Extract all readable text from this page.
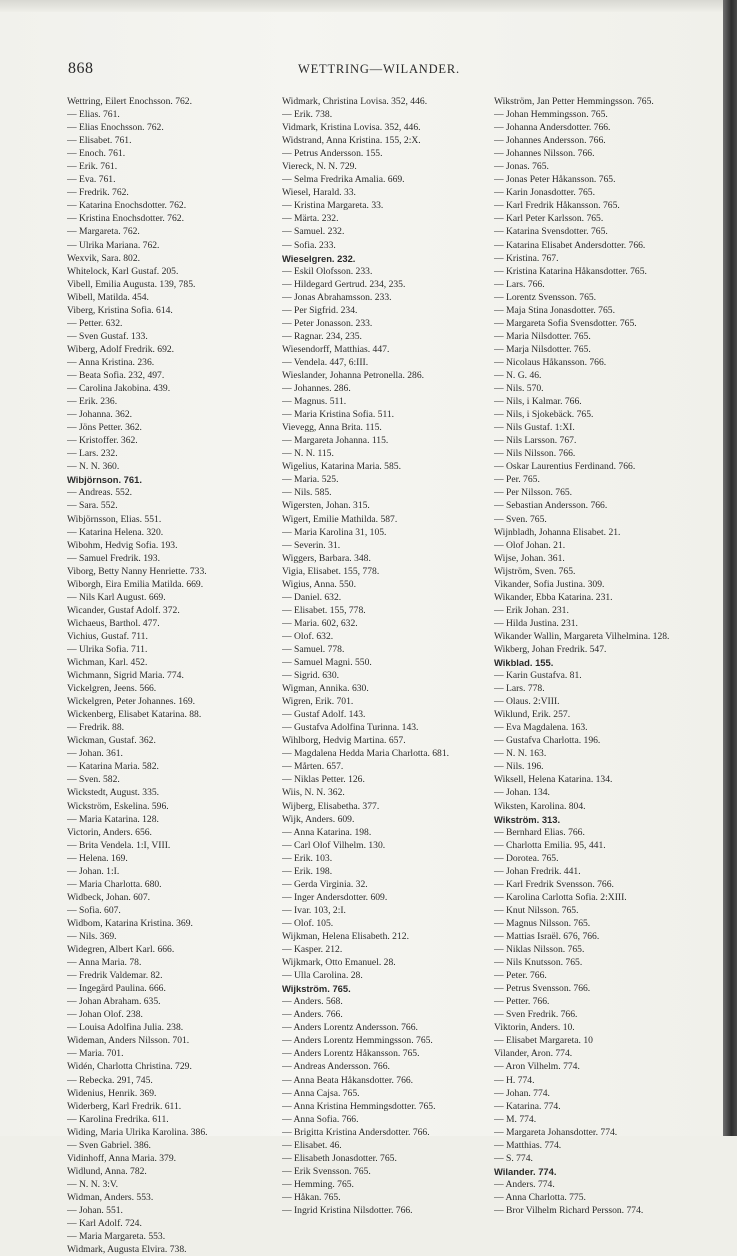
868	WETTRING—WILANDER.
Wettring, Eilert Enochsson. 762.
— Elias. 761.
— Elias Enochsson. 762.
— Elisabet. 761.
— Enoch. 761.
— Erik. 761.
— Eva. 761.
— Fredrik. 762.
— Katarina Enochsdotter. 762.
— Kristina Enochsdotter. 762.
— Margareta. 762.
— Ulrika Mariana. 762.
Wexvik, Sara. 802.
Whitelock, Karl Gustaf. 205.
Vibell, Emilia Augusta. 139, 785.
Wibell, Matilda. 454.
Viberg, Kristina Sofia. 614.
— Petter. 632.
— Sven Gustaf. 133.
Wiberg, Adolf Fredrik. 692.
— Anna Kristina. 236.
— Beata Sofia. 232, 497.
— Carolina Jakobina. 439.
— Erik. 236.
— Johanna. 362.
— Jöns Petter. 362.
— Kristoffer. 362.
— Lars. 232.
— N. N. 360.
Wibjörnson. 761.
— Andreas. 552.
— Sara. 552.
Wibjörnsson, Elias. 551.
— Katarina Helena. 320.
Wibohm, Hedvig Sofia. 193.
— Samuel Fredrik. 193.
Viborg, Betty Nanny Henriette. 733.
Wiborgh, Eira Emilia Matilda. 669.
— Nils Karl August. 669.
Wicander, Gustaf Adolf. 372.
Wichaeus, Barthol. 477.
Vichius, Gustaf. 711.
— Ulrika Sofia. 711.
Wichman, Karl. 452.
Wichmann, Sigrid Maria. 774.
Vickelgren, Jeens. 566.
Wickelgren, Peter Johannes. 169.
Wickenberg, Elisabet Katarina. 88.
— Fredrik. 88.
Wickman, Gustaf. 362.
— Johan. 361.
— Katarina Maria. 582.
— Sven. 582.
Wickstedt, August. 335.
Wickström, Eskelina. 596.
— Maria Katarina. 128.
Victorin, Anders. 656.
— Brita Vendela. 1:I, VIII.
— Helena. 169.
— Johan. 1:I.
— Maria Charlotta. 680.
Widbeck, Johan. 607.
— Sofia. 607.
Widbom, Katarina Kristina. 369.
— Nils. 369.
Widegren, Albert Karl. 666.
— Anna Maria. 78.
— Fredrik Valdemar. 82.
— Ingegärd Paulina. 666.
— Johan Abraham. 635.
— Johan Olof. 238.
— Louisa Adolfina Julia. 238.
Wideman, Anders Nilsson. 701.
— Maria. 701.
Widén, Charlotta Christina. 729.
— Rebecka. 291, 745.
Widenius, Henrik. 369.
Widerberg, Karl Fredrik. 611.
— Karolina Fredrika. 611.
Widing, Maria Ulrika Karolina. 386.
— Sven Gabriel. 386.
Vidinhoff, Anna Maria. 379.
Widlund, Anna. 782.
— N. N. 3:V.
Widman, Anders. 553.
— Johan. 551.
— Karl Adolf. 724.
— Maria Margareta. 553.
Widmark, Augusta Elvira. 738.
Widmark, Christina Lovisa. 352, 446.
— Erik. 738.
Vidmark, Kristina Lovisa. 352, 446.
Widstrand, Anna Kristina. 155, 2:X.
— Petrus Andersson. 155.
Viereck, N. N. 729.
— Selma Fredrika Amalia. 669.
Wiesel, Harald. 33.
— Kristina Margareta. 33.
— Märta. 232.
— Samuel. 232.
— Sofia. 233.
Wieselgren. 232.
— Eskil Olofsson. 233.
— Hildegard Gertrud. 234, 235.
— Jonas Abrahamsson. 233.
— Per Sigfrid. 234.
— Peter Jonasson. 233.
— Ragnar. 234, 235.
Wiesendorff, Matthias. 447.
— Vendela. 447, 6:III.
Wieslander, Johanna Petronella. 286.
— Johannes. 286.
— Magnus. 511.
— Maria Kristina Sofia. 511.
Vievegg, Anna Brita. 115.
— Margareta Johanna. 115.
— N. N. 115.
Wigelius, Katarina Maria. 585.
— Maria. 525.
— Nils. 585.
Wigersten, Johan. 315.
Wigert, Emilie Mathilda. 587.
— Maria Karolina 31, 105.
— Severin. 31.
Wiggers, Barbara. 348.
Vigia, Elisabet. 155, 778.
Wigius, Anna. 550.
— Daniel. 632.
— Elisabet. 155, 778.
— Maria. 602, 632.
— Olof. 632.
— Samuel. 778.
— Samuel Magni. 550.
— Sigrid. 630.
Wigman, Annika. 630.
Wigren, Erik. 701.
— Gustaf Adolf. 143.
— Gustafva Adolfina Turinna. 143.
Wihlborg, Hedvig Martina. 657.
— Magdalena Hedda Maria Charlotta. 681.
— Mårten. 657.
— Niklas Petter. 126.
Wiis, N. N. 362.
Wijberg, Elisabetha. 377.
Wijk, Anders. 609.
— Anna Katarina. 198.
— Carl Olof Vilhelm. 130.
— Erik. 103.
— Erik. 198.
— Gerda Virginia. 32.
— Inger Andersdotter. 609.
— Ivar. 103, 2:I.
— Olof. 105.
Wijkman, Helena Elisabeth. 212.
— Kasper. 212.
Wijkmark, Otto Emanuel. 28.
— Ulla Carolina. 28.
Wijkström. 765.
— Anders. 568.
— Anders. 766.
— Anders Lorentz Andersson. 766.
— Anders Lorentz Hemmingsson. 765.
— Anders Lorentz Håkansson. 765.
— Andreas Andersson. 766.
— Anna Beata Håkansdotter. 766.
— Anna Cajsa. 765.
— Anna Kristina Hemmingsdotter. 765.
— Anna Sofia. 766.
— Brigitta Kristina Andersdotter. 766.
— Elisabet. 46.
— Elisabeth Jonasdotter. 765.
— Erik Svensson. 765.
— Hemming. 765.
— Håkan. 765.
— Ingrid Kristina Nilsdotter. 766.
Wikström, Jan Petter Hemmingsson. 765.
— Johan Hemmingsson. 765.
— Johanna Andersdotter. 766.
— Johannes Andersson. 766.
— Johannes Nilsson. 766.
— Jonas. 765.
— Jonas Peter Håkansson. 765.
— Karin Jonasdotter. 765.
— Karl Fredrik Håkansson. 765.
— Karl Peter Karlsson. 765.
— Katarina Svensdotter. 765.
— Katarina Elisabet Andersdotter. 766.
— Kristina. 767.
— Kristina Katarina Håkansdotter. 765.
— Lars. 766.
— Lorentz Svensson. 765.
— Maja Stina Jonasdotter. 765.
— Margareta Sofia Svensdotter. 765.
— Maria Nilsdotter. 765.
— Marja Nilsdotter. 765.
— Nicolaus Håkansson. 766.
— N. G. 46.
— Nils. 570.
— Nils, i Kalmar. 766.
— Nils, i Sjokebäck. 765.
— Nils Gustaf. 1:XI.
— Nils Larsson. 767.
— Nils Nilsson. 766.
— Oskar Laurentius Ferdinand. 766.
— Per. 765.
— Per Nilsson. 765.
— Sebastian Andersson. 766.
— Sven. 765.
Wijnbladh, Johanna Elisabet. 21.
— Olof Johan. 21.
Wijse, Johan. 361.
Wijström, Sven. 765.
Vikander, Sofia Justina. 309.
Wikander, Ebba Katarina. 231.
— Erik Johan. 231.
— Hilda Justina. 231.
Wikander Wallin, Margareta Vilhelmina. 128.
Wikberg, Johan Fredrik. 547.
Wikblad. 155.
— Karin Gustafva. 81.
— Lars. 778.
— Olaus. 2:VIII.
Wiklund, Erik. 257.
— Eva Magdalena. 163.
— Gustafva Charlotta. 196.
— N. N. 163.
— Nils. 196.
Wiksell, Helena Katarina. 134.
— Johan. 134.
Wiksten, Karolina. 804.
Wikström. 313.
— Bernhard Elias. 766.
— Charlotta Emilia. 95, 441.
— Dorotea. 765.
— Johan Fredrik. 441.
— Karl Fredrik Svensson. 766.
— Karolina Carlotta Sofia. 2:XIII.
— Knut Nilsson. 765.
— Magnus Nilsson. 765.
— Mattias Israël. 676, 766.
— Niklas Nilsson. 765.
— Nils Knutsson. 765.
— Peter. 766.
— Petrus Svensson. 766.
— Petter. 766.
— Sven Fredrik. 766.
Viktorin, Anders. 10.
— Elisabet Margareta. 10
Vilander, Aron. 774.
— Aron Vilhelm. 774.
— H. 774.
— Johan. 774.
— Katarina. 774.
— M. 774.
— Margareta Johansdotter. 774.
— Matthias. 774.
— S. 774.
Wilander. 774.
— Anders. 774.
— Anna Charlotta. 775.
— Bror Vilhelm Richard Persson. 774.
